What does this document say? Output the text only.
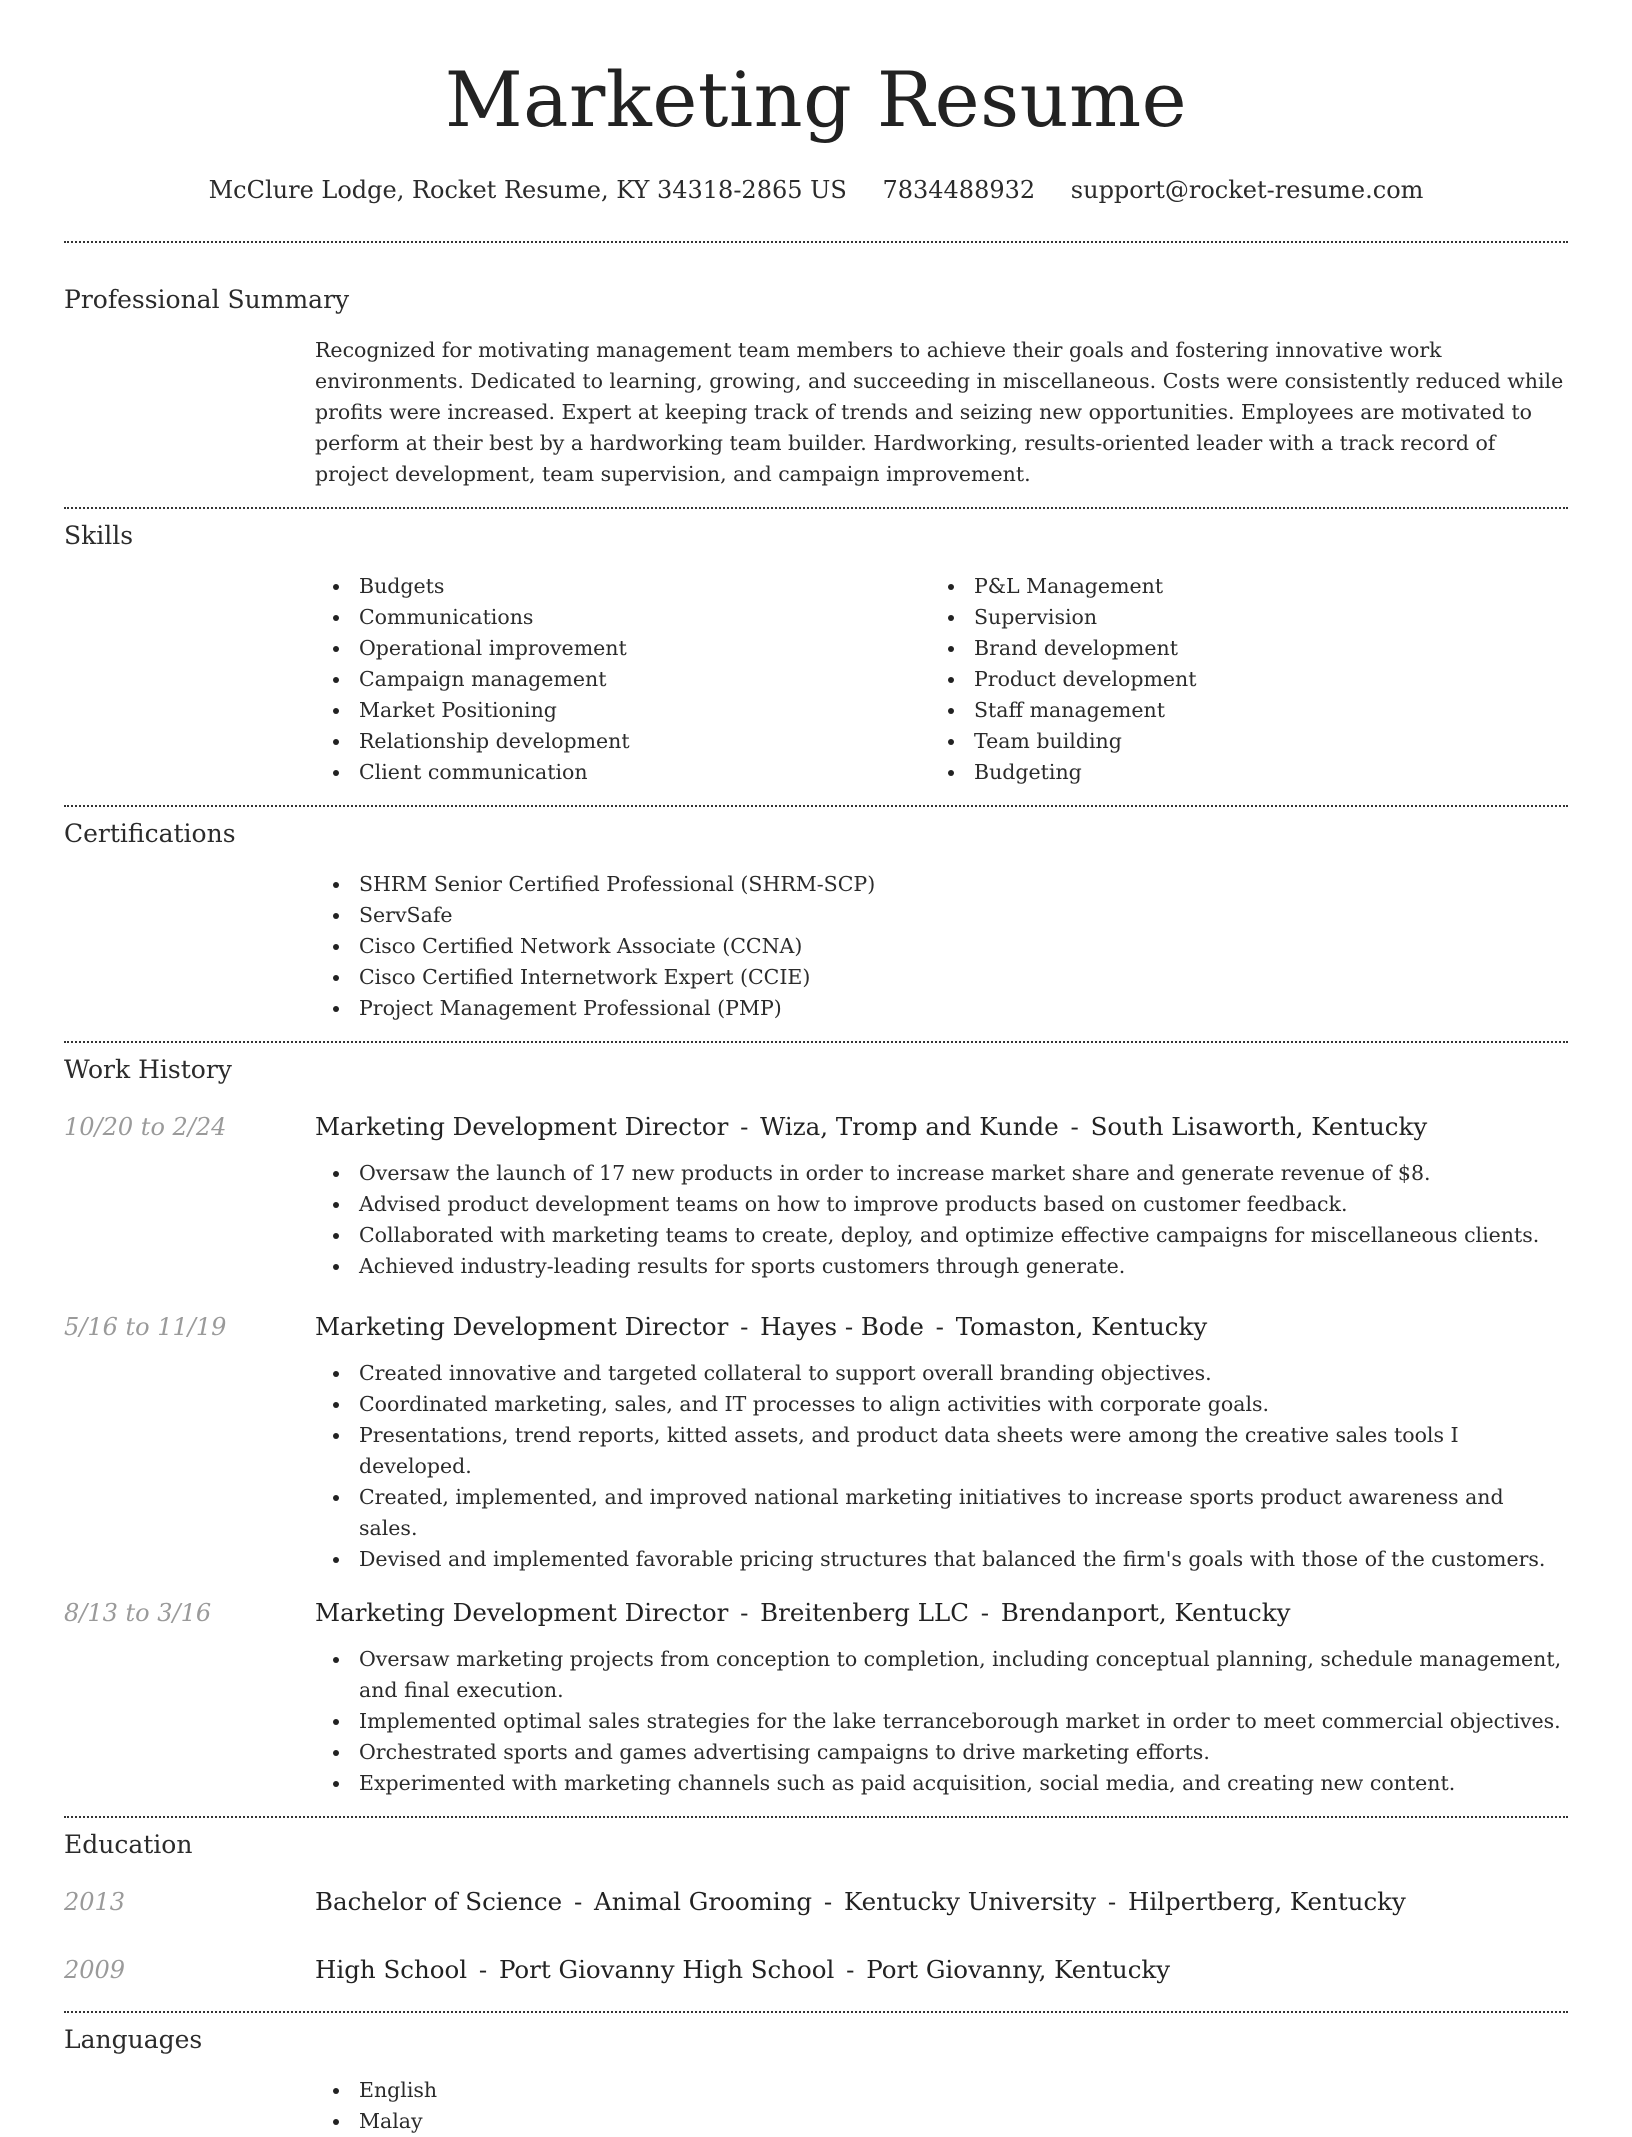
Marketing Resume
McClure Lodge, Rocket Resume, KY 34318-2865 US 7834488932 support@rocket-resume.com
Professional Summary
Recognized for motivating management team members to achieve their goals and fostering innovative work environments. Dedicated to learning, growing, and succeeding in miscellaneous. Costs were consistently reduced while profits were increased. Expert at keeping track of trends and seizing new opportunities. Employees are motivated to perform at their best by a hardworking team builder. Hardworking, results-oriented leader with a track record of project development, team supervision, and campaign improvement.
Skills
Budgets
Communications
Operational improvement
Campaign management
Market Positioning
Relationship development
Client communication
P&L Management
Supervision
Brand development
Product development
Staff management
Team building
Budgeting
Certifications
SHRM Senior Certified Professional (SHRM-SCP)
ServSafe
Cisco Certified Network Associate (CCNA)
Cisco Certified Internetwork Expert (CCIE)
Project Management Professional (PMP)
Work History
10/20 to 2/24	Marketing Development Director - Wiza, Tromp and Kunde - South Lisaworth, Kentucky
Oversaw the launch of 17 new products in order to increase market share and generate revenue of $8.
Advised product development teams on how to improve products based on customer feedback.
Collaborated with marketing teams to create, deploy, and optimize effective campaigns for miscellaneous clients.
Achieved industry-leading results for sports customers through generate.
5/16 to 11/19	Marketing Development Director - Hayes - Bode - Tomaston, Kentucky
Created innovative and targeted collateral to support overall branding objectives.
Coordinated marketing, sales, and IT processes to align activities with corporate goals.
Presentations, trend reports, kitted assets, and product data sheets were among the creative sales tools I developed.
Created, implemented, and improved national marketing initiatives to increase sports product awareness and sales.
Devised and implemented favorable pricing structures that balanced the firm's goals with those of the customers.
8/13 to 3/16	Marketing Development Director - Breitenberg LLC - Brendanport, Kentucky
Oversaw marketing projects from conception to completion, including conceptual planning, schedule management, and final execution.
Implemented optimal sales strategies for the lake terranceborough market in order to meet commercial objectives.
Orchestrated sports and games advertising campaigns to drive marketing efforts.
Experimented with marketing channels such as paid acquisition, social media, and creating new content.
Education
2013	Bachelor of Science - Animal Grooming - Kentucky University - Hilpertberg, Kentucky
2009	High School - Port Giovanny High School - Port Giovanny, Kentucky
Languages
English
Malay
